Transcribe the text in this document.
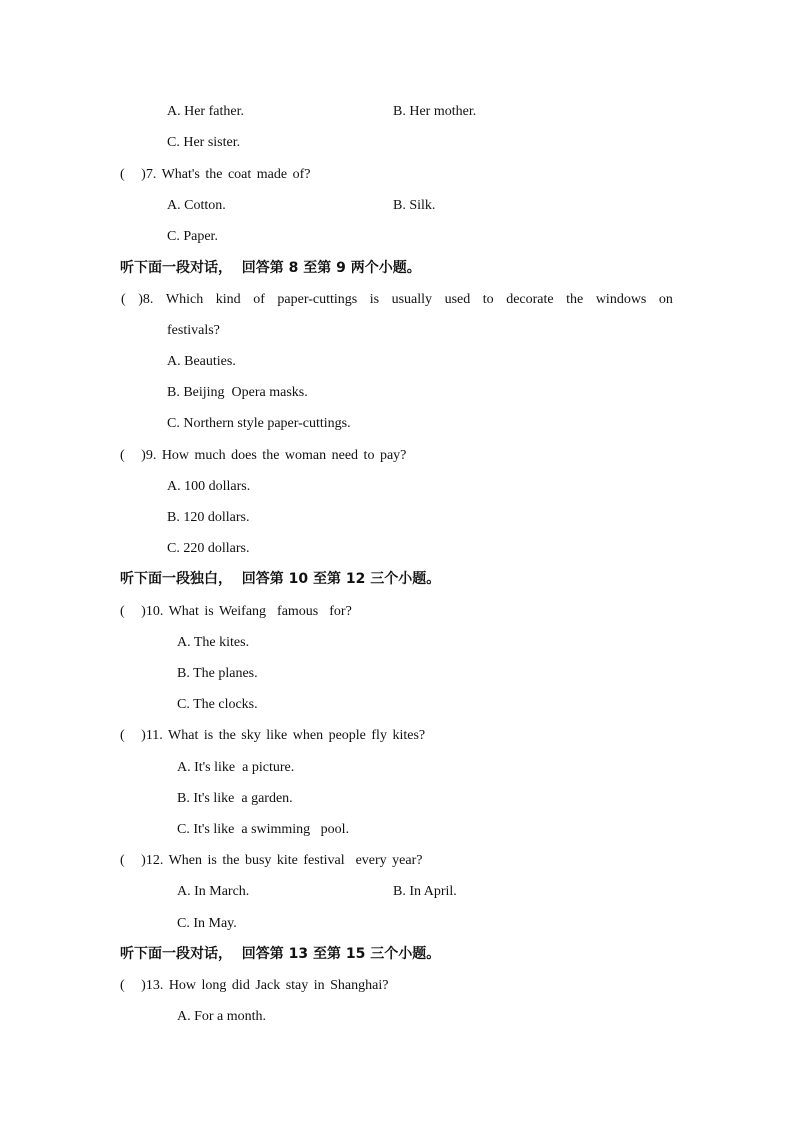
A. Her father.	B. Her mother.
C. Her sister.
(   )7. What's the coat made of?
A. Cotton.	B. Silk.
C. Paper.
听下面一段对话，  回答第 8 至第 9 两个小题。
( )8. Which kind of paper-cuttings is usually used to decorate the windows on
festivals?
A. Beauties.
B. Beijing  Opera masks.
C. Northern style paper-cuttings.
(   )9. How much does the woman need to pay?
A. 100 dollars.
B. 120 dollars.
C. 220 dollars.
听下面一段独白，  回答第 10 至第 12 三个小题。
(   )10. What is Weifang  famous  for?
A. The kites.
B. The planes.
C. The clocks.
(   )11. What is the sky like when people fly kites?
A. It's like  a picture.
B. It's like  a garden.
C. It's like  a swimming   pool.
(   )12. When is the busy kite festival  every year?
A. In March.	B. In April.
C. In May.
听下面一段对话，  回答第 13 至第 15 三个小题。
(   )13. How long did Jack stay in Shanghai?
A. For a month.
